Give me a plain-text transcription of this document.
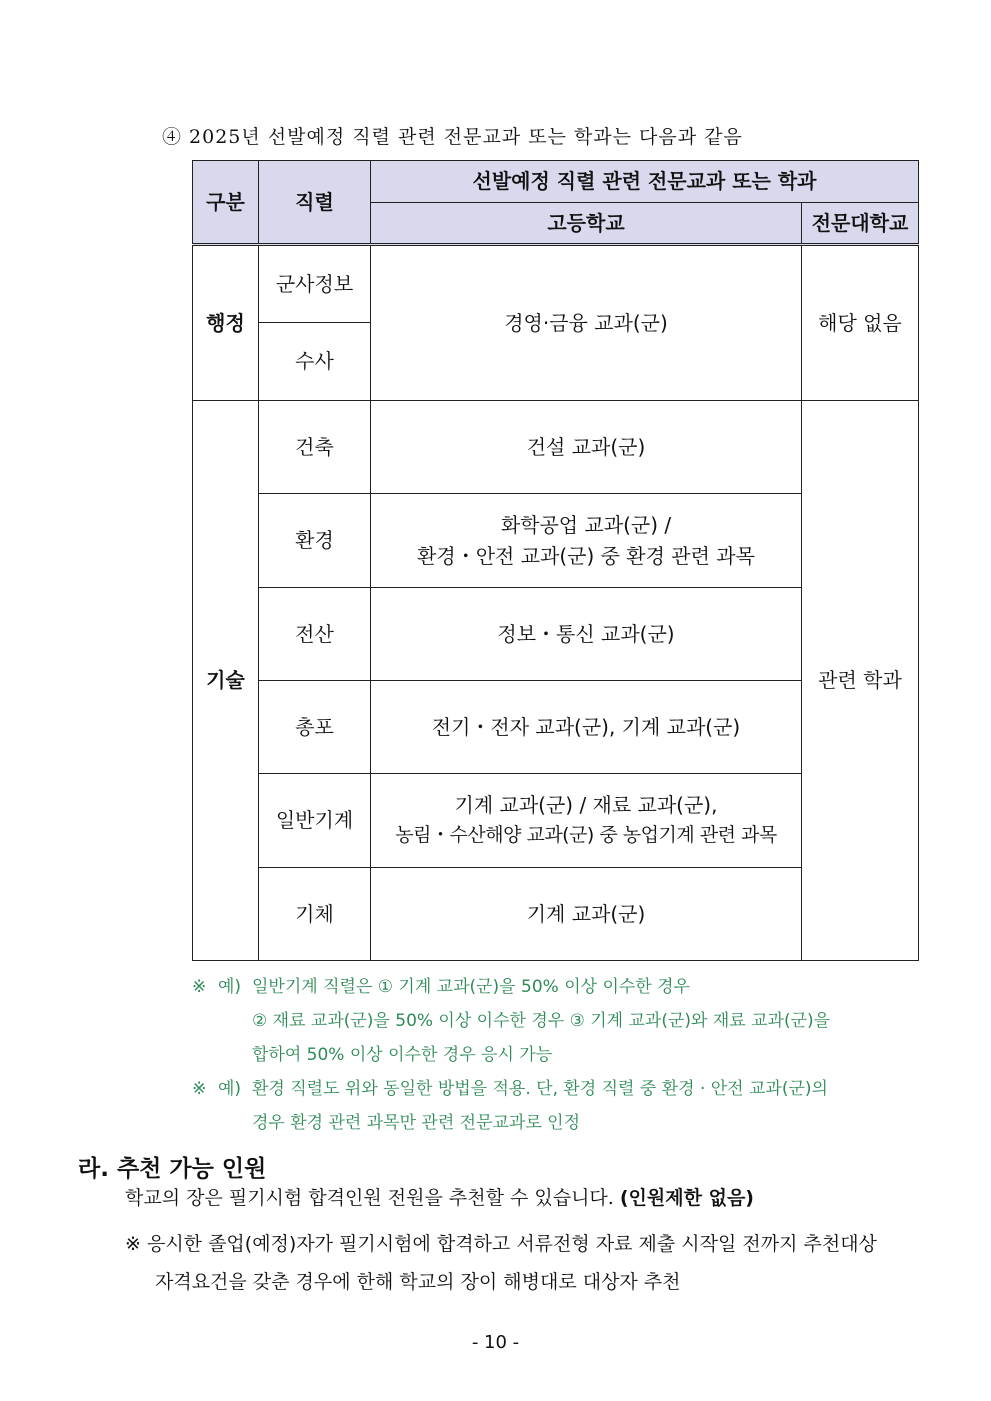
④ 2025년 선발예정 직렬 관련 전문교과 또는 학과는 다음과 같음
구분	직렬	선발예정 직렬 관련 전문교과 또는 학과	
		고등학교	전문대학교
행정	군사정보	경영·금융 교과(군)	해당 없음
	수사		
기술	건축	건설 교과(군)	관련 학과
	환경	화학공업 교과(군) /
환경・안전 교과(군) 중 환경 관련 과목	

	전산	정보・통신 교과(군)	

	총포	전기・전자 교과(군), 기계 교과(군)	

	일반기계	기계 교과(군) / 재료 교과(군),
농림・수산해양 교과(군) 중 농업기계 관련 과목	

	기체	기계 교과(군)	
※ 예) 일반기계 직렬은 ① 기계 교과(군)을 50% 이상 이수한 경우
② 재료 교과(군)을 50% 이상 이수한 경우 ③ 기계 교과(군)와 재료 교과(군)을
합하여 50% 이상 이수한 경우 응시 가능
※ 예) 환경 직렬도 위와 동일한 방법을 적용. 단, 환경 직렬 중 환경 · 안전 교과(군)의
경우 환경 관련 과목만 관련 전문교과로 인정
라. 추천 가능 인원
학교의 장은 필기시험 합격인원 전원을 추천할 수 있습니다. (인원제한 없음)
※ 응시한 졸업(예정)자가 필기시험에 합격하고 서류전형 자료 제출 시작일 전까지 추천대상
자격요건을 갖춘 경우에 한해 학교의 장이 해병대로 대상자 추천
- 10 -
